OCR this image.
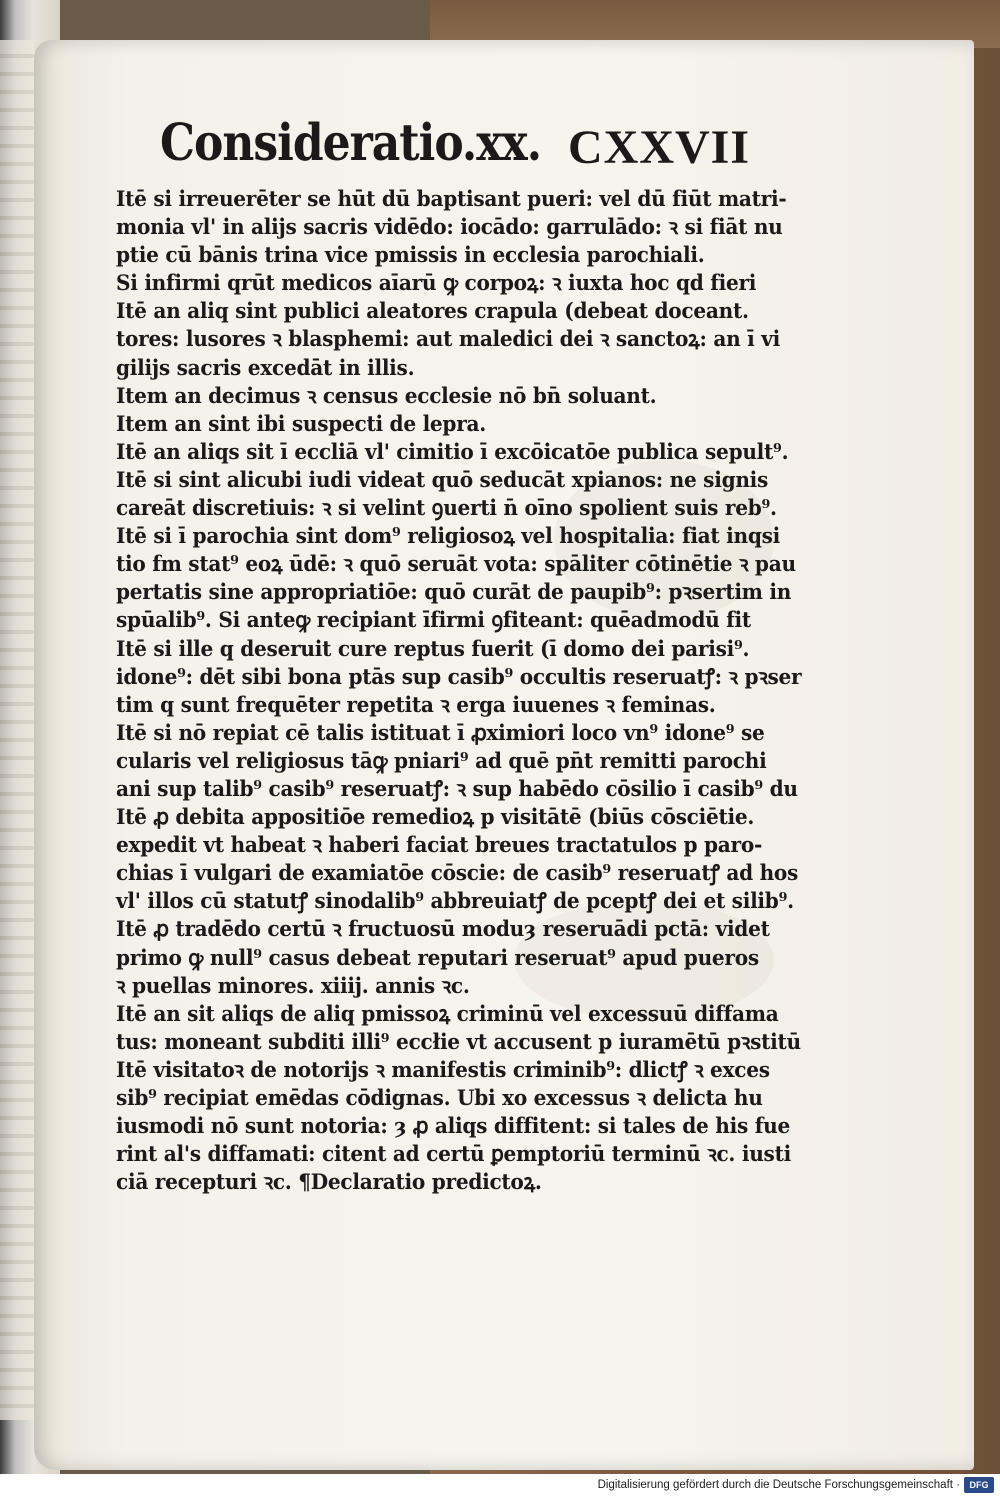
Consideratio.xx. CXXVII
Itē si irreuerēter se hūt dū baptisant pueri: vel dū fiūt matri-
monia vl' in alijs sacris vidēdo: iocādo: garrulādo: ꝛ si fiāt nu
ptie cū bānis trina vice pmissis in ecclesia parochiali.
Si infirmi qrūt medicos aīarū ꝙ corpoꝝ: ꝛ iuxta hoc qd fieri
Itē an aliq sint publici aleatores crapula (debeat doceant.
tores: lusores ꝛ blasphemi: aut maledici dei ꝛ sanctoꝝ: an ī vi
gilijs sacris excedāt in illis.
Item an decimus ꝛ census ecclesie nō bn̄ soluant.
Item an sint ibi suspecti de lepra.
Itē an aliqs sit ī eccliā vl' cimitio ī excōicatōe publica sepult⁹.
Itē si sint alicubi iudi videat quō seducāt xpianos: ne signis
careāt discretiuis: ꝛ si velint ꝯuerti n̄ oīno spolient suis reb⁹.
Itē si ī parochia sint dom⁹ religiosoꝝ vel hospitalia: fiat inqsi
tio fm stat⁹ eoꝝ ūdē: ꝛ quō seruāt vota: spāliter cōtinētie ꝛ pau
pertatis sine appropriatiōe: quō curāt de paupib⁹: pꝛsertim in
spūalib⁹. Si anteꝙ recipiant īfirmi ꝯfiteant: quēadmodū fit
Itē si ille q deseruit cure reptus fuerit (ī domo dei parisi⁹.
idone⁹: dēt sibi bona ptās sup casib⁹ occultis reseruatꝭ: ꝛ pꝛser
tim q sunt frequēter repetita ꝛ erga iuuenes ꝛ feminas.
Itē si nō repiat cē talis istituat ī ꝓximiori loco vn⁹ idone⁹ se
cularis vel religiosus tāꝙ pniari⁹ ad quē pn̄t remitti parochi
ani sup talib⁹ casib⁹ reseruatꝭ: ꝛ sup habēdo cōsilio ī casib⁹ du
Itē ꝓ debita appositiōe remedioꝝ p visitātē (biūs cōsciētie.
expedit vt habeat ꝛ haberi faciat breues tractatulos p paro-
chias ī vulgari de examiatōe cōscie: de casib⁹ reseruatꝭ ad hos
vl' illos cū statutꝭ sinodalib⁹ abbreuiatꝭ de pceptꝭ dei et silib⁹.
Itē ꝓ tradēdo certū ꝛ fructuosū moduȝ reseruādi pctā: videt
primo ꝙ null⁹ casus debeat reputari reseruat⁹ apud pueros
ꝛ puellas minores. xiiij. annis ꝛc.
Itē an sit aliqs de aliq pmissoꝝ criminū vel excessuū diffama
tus: moneant subditi illi⁹ eccłie vt accusent p iuramētū pꝛstitū
Itē visitatoꝛ de notorijs ꝛ manifestis criminib⁹: dlictꝭ ꝛ exces
sib⁹ recipiat emēdas cōdignas. Ubi xo excessus ꝛ delicta hu
iusmodi nō sunt notoria: ȝ ꝓ aliqs diffitent: si tales de his fue
rint al's diffamati: citent ad certū ꝑemptoriū terminū ꝛc. iusti
ciā recepturi ꝛc. ¶Declaratio predictoꝝ.
Digitalisierung gefördert durch die Deutsche Forschungsgemeinschaft ·	DFG
